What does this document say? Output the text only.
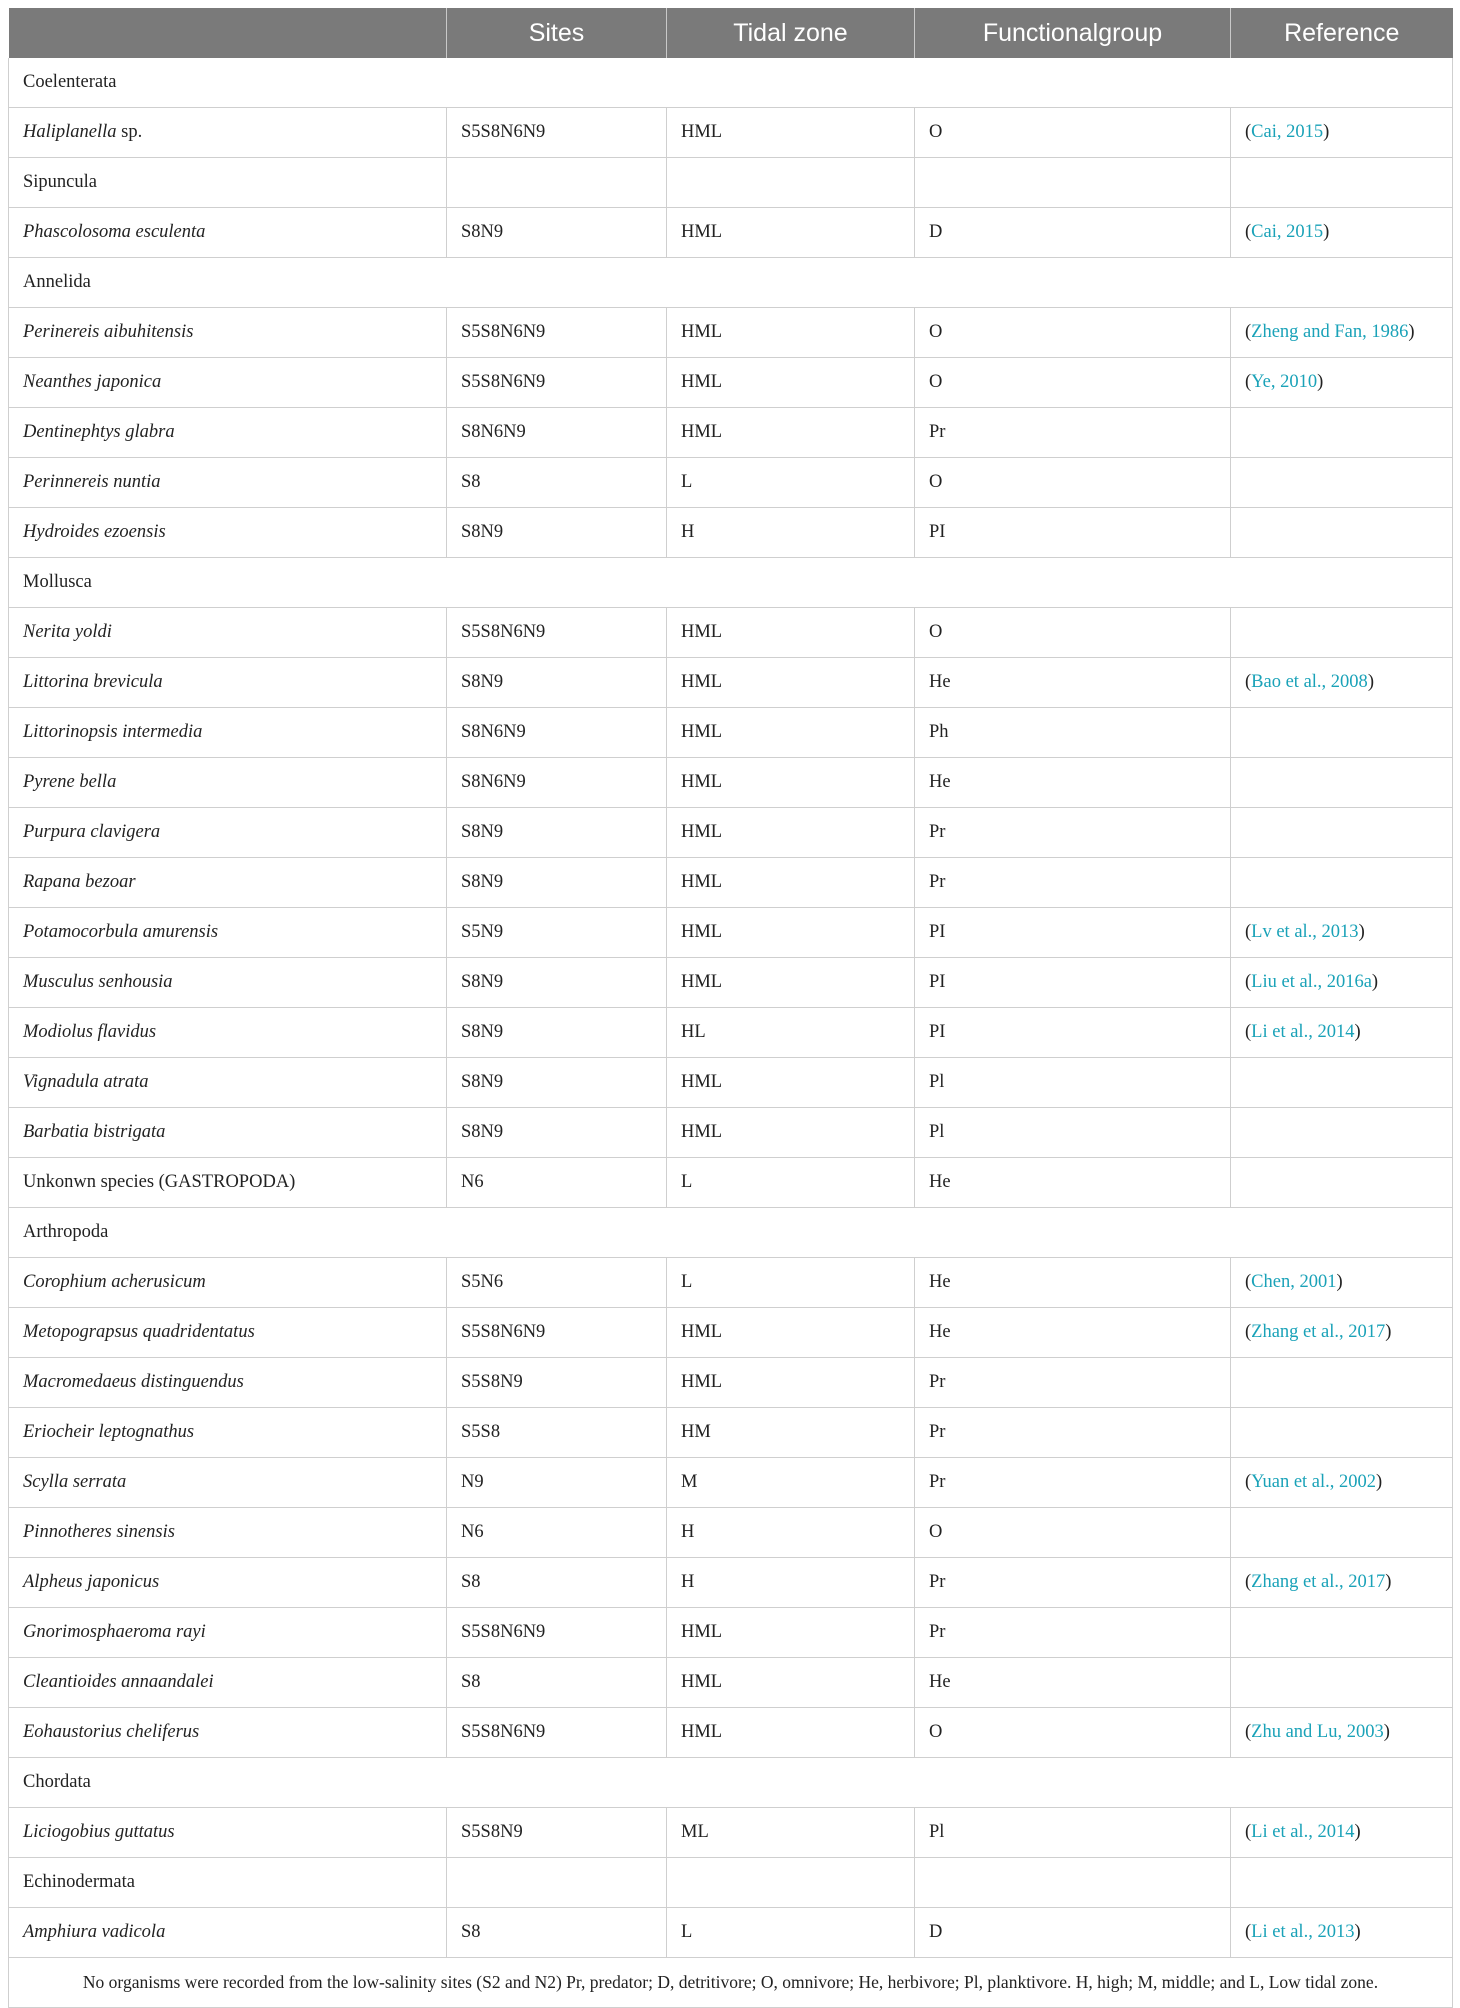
	Sites	Tidal zone	Functionalgroup	Reference
Coelenterata				
Haliplanella sp.	S5S8N6N9	HML	O	(Cai, 2015)
Sipuncula				
Phascolosoma esculenta	S8N9	HML	D	(Cai, 2015)
Annelida				
Perinereis aibuhitensis	S5S8N6N9	HML	O	(Zheng and Fan, 1986)
Neanthes japonica	S5S8N6N9	HML	O	(Ye, 2010)
Dentinephtys glabra	S8N6N9	HML	Pr	
Perinnereis nuntia	S8	L	O	
Hydroides ezoensis	S8N9	H	PI	
Mollusca				
Nerita yoldi	S5S8N6N9	HML	O	
Littorina brevicula	S8N9	HML	He	(Bao et al., 2008)
Littorinopsis intermedia	S8N6N9	HML	Ph	
Pyrene bella	S8N6N9	HML	He	
Purpura clavigera	S8N9	HML	Pr	
Rapana bezoar	S8N9	HML	Pr	
Potamocorbula amurensis	S5N9	HML	PI	(Lv et al., 2013)
Musculus senhousia	S8N9	HML	PI	(Liu et al., 2016a)
Modiolus flavidus	S8N9	HL	PI	(Li et al., 2014)
Vignadula atrata	S8N9	HML	Pl	
Barbatia bistrigata	S8N9	HML	Pl	
Unkonwn species (GASTROPODA)	N6	L	He	
Arthropoda				
Corophium acherusicum	S5N6	L	He	(Chen, 2001)
Metopograpsus quadridentatus	S5S8N6N9	HML	He	(Zhang et al., 2017)
Macromedaeus distinguendus	S5S8N9	HML	Pr	
Eriocheir leptognathus	S5S8	HM	Pr	
Scylla serrata	N9	M	Pr	(Yuan et al., 2002)
Pinnotheres sinensis	N6	H	O	
Alpheus japonicus	S8	H	Pr	(Zhang et al., 2017)
Gnorimosphaeroma rayi	S5S8N6N9	HML	Pr	
Cleantioides annaandalei	S8	HML	He	
Eohaustorius cheliferus	S5S8N6N9	HML	O	(Zhu and Lu, 2003)
Chordata				
Liciogobius guttatus	S5S8N9	ML	Pl	(Li et al., 2014)
Echinodermata				
Amphiura vadicola	S8	L	D	(Li et al., 2013)
No organisms were recorded from the low-salinity sites (S2 and N2) Pr, predator; D, detritivore; O, omnivore; He, herbivore; Pl, planktivore. H, high; M, middle; and L, Low tidal zone.				
